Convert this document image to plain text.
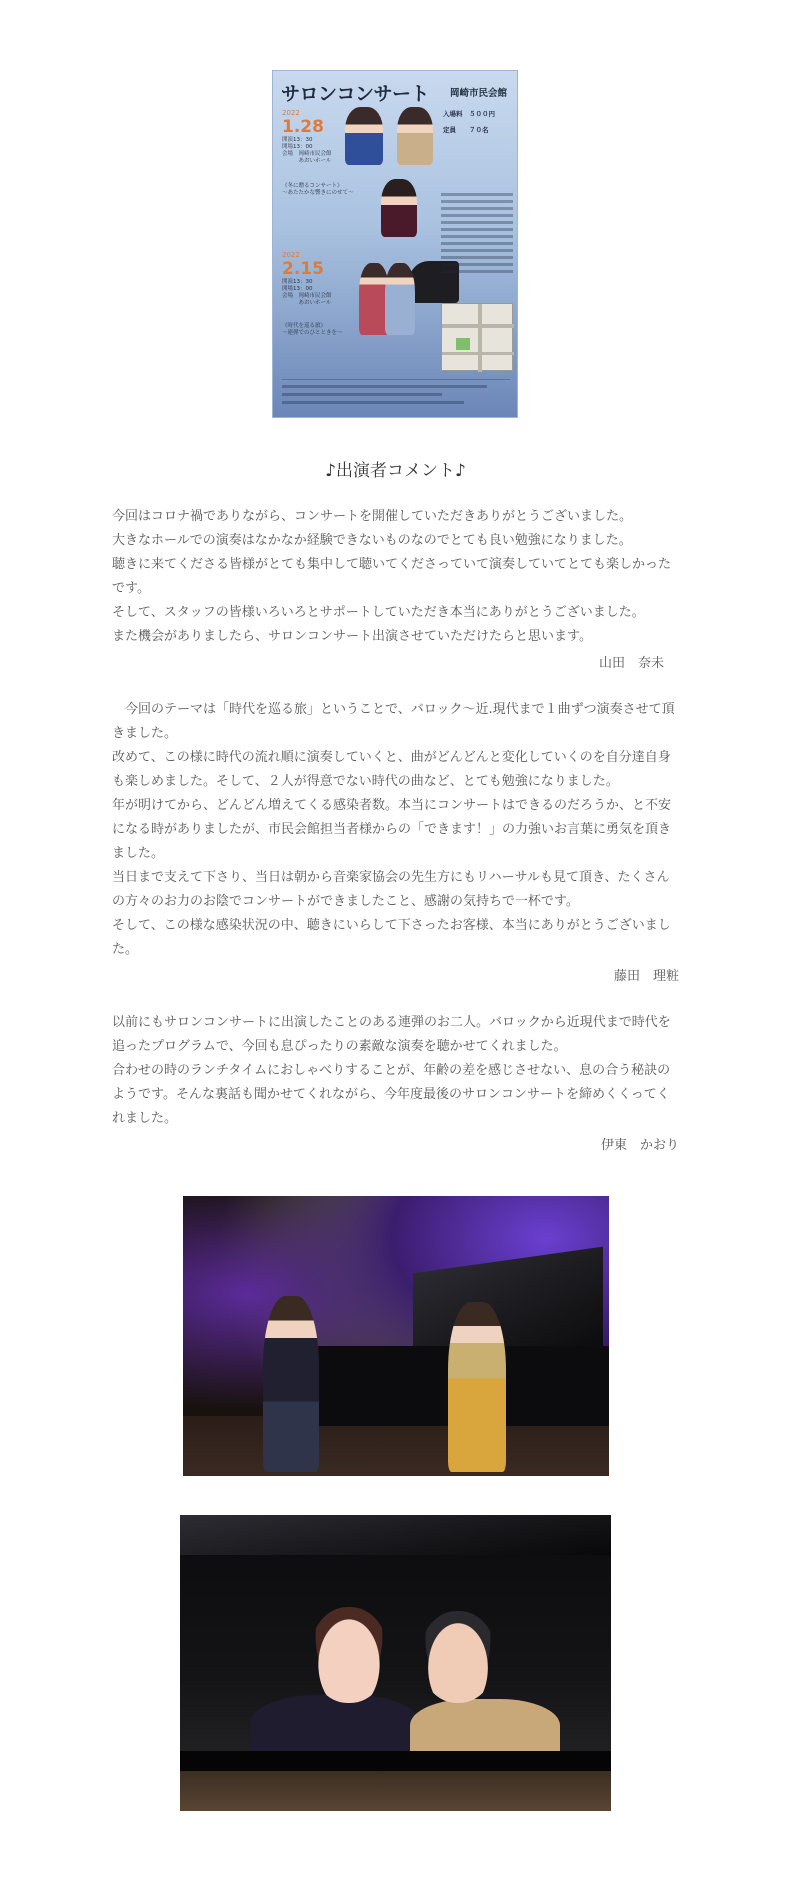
サロンコンサート 岡崎市民会館
入場料　５００円
定員　　７０名
2022
1.28
開演13：30
開場13：00
会場　岡崎市民会館
　　　あおいホール
《冬に贈るコンサート》
～あたたかな響きにのせて～
2022
2.15
開演13：30
開場13：00
会場　岡崎市民会館
　　　あおいホール
《時代を巡る旅》
～連弾でのひとときを～
♪出演者コメント♪

今回はコロナ禍でありながら、コンサートを開催していただきありがとうございました。

大きなホールでの演奏はなかなか経験できないものなのでとても良い勉強になりました。

聴きに来てくださる皆様がとても集中して聴いてくださっていて演奏していてとても楽しかったです。

そして、スタッフの皆様いろいろとサポートしていただき本当にありがとうございました。

また機会がありましたら、サロンコンサート出演させていただけたらと思います。

山田　奈未

　今回のテーマは「時代を巡る旅」ということで、バロック～近.現代まで１曲ずつ演奏させて頂きました。

改めて、この様に時代の流れ順に演奏していくと、曲がどんどんと変化していくのを自分達自身も楽しめました。そして、２人が得意でない時代の曲など、とても勉強になりました。

年が明けてから、どんどん増えてくる感染者数。本当にコンサートはできるのだろうか、と不安になる時がありましたが、市民会館担当者様からの「できます！」の力強いお言葉に勇気を頂きました。

当日まで支えて下さり、当日は朝から音楽家協会の先生方にもリハーサルも見て頂き、たくさんの方々のお力のお陰でコンサートができましたこと、感謝の気持ちで一杯です。

そして、この様な感染状況の中、聴きにいらして下さったお客様、本当にありがとうございました。

藤田　理粧

以前にもサロンコンサートに出演したことのある連弾のお二人。バロックから近現代まで時代を追ったプログラムで、今回も息ぴったりの素敵な演奏を聴かせてくれました。

合わせの時のランチタイムにおしゃべりすることが、年齢の差を感じさせない、息の合う秘訣のようです。そんな裏話も聞かせてくれながら、今年度最後のサロンコンサートを締めくくってくれました。

伊東　かおり
